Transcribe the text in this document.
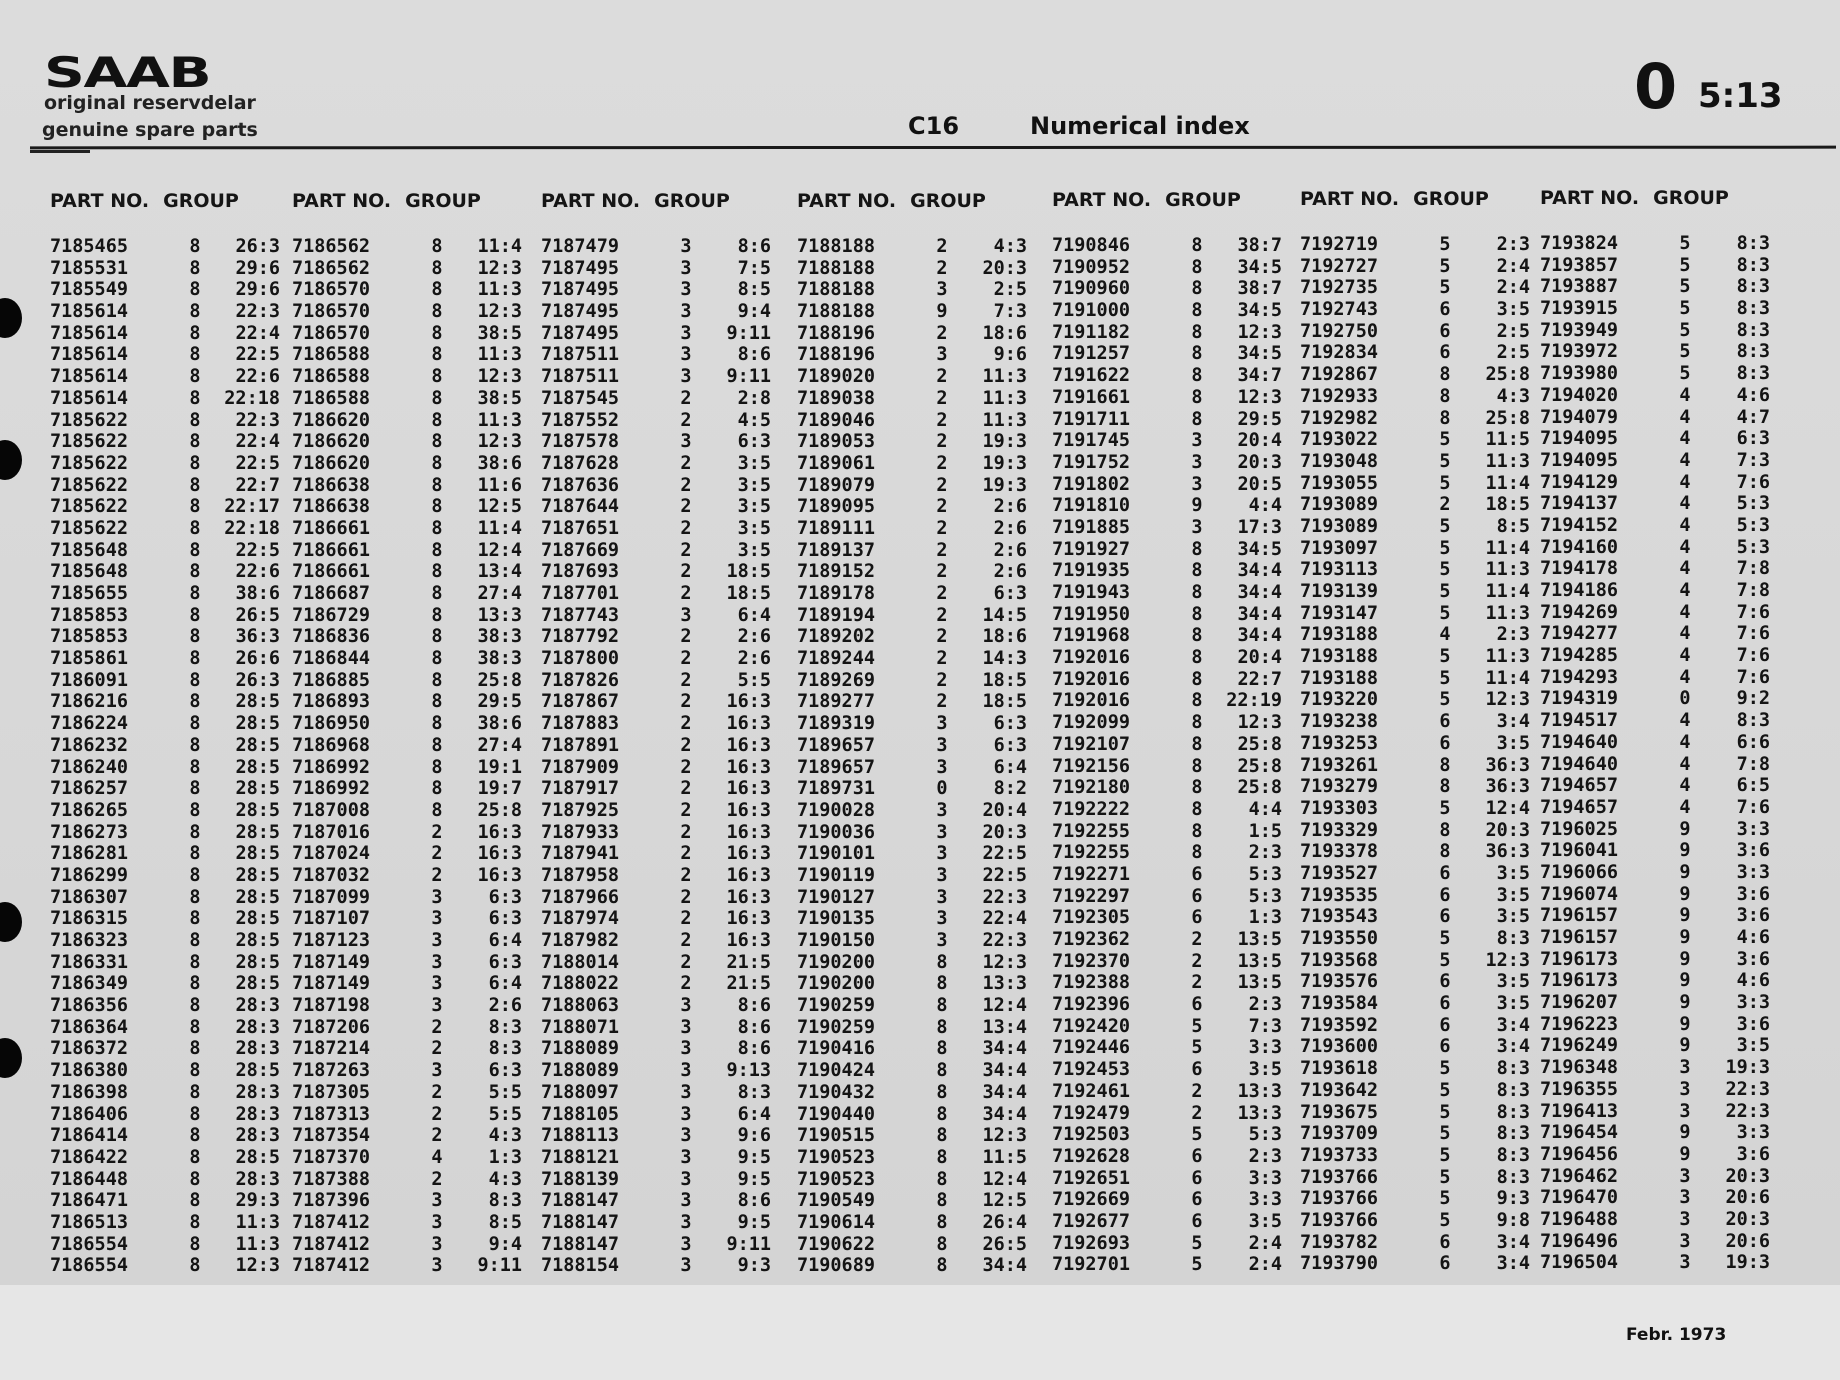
SAAB
original reservdelar
genuine spare parts	C16	Numerical index
0 5:13
PART NO. GROUP
7185465	8 26:3
7185531	8 29:6
7185549	8 29:6
7185614	8 22:3
7185614	8 22:4
7185614	8 22:5
7185614	8 22:6
7185614	8 22:18
7185622	8 22:3
7185622	8 22:4
7185622	8 22:5
7185622	8 22:7
7185622	8 22:17
7185622	8 22:18
7185648	8 22:5
7185648	8 22:6
7185655	8 38:6
7185853	8 26:5
7185853	8 36:3
7185861	8 26:6
7186091	8 26:3
7186216	8 28:5
7186224	8 28:5
7186232	8 28:5
7186240	8 28:5
7186257	8 28:5
7186265	8 28:5
7186273	8 28:5
7186281	8 28:5
7186299	8 28:5
7186307	8 28:5
7186315	8 28:5
7186323	8 28:5
7186331	8 28:5
7186349	8 28:5
7186356	8 28:3
7186364	8 28:3
7186372	8 28:3
7186380	8 28:5
7186398	8 28:3
7186406	8 28:3
7186414	8 28:3
7186422	8 28:5
7186448	8 28:3
7186471	8 29:3
7186513	8 11:3
7186554	8 11:3
7186554	8 12:3
PART NO. GROUP
7186562	8 11:4
7186562	8 12:3
7186570	8 11:3
7186570	8 12:3
7186570	8 38:5
7186588	8 11:3
7186588	8 12:3
7186588	8 38:5
7186620	8 11:3
7186620	8 12:3
7186620	8 38:6
7186638	8 11:6
7186638	8 12:5
7186661	8 11:4
7186661	8 12:4
7186661	8 13:4
7186687	8 27:4
7186729	8 13:3
7186836	8 38:3
7186844	8 38:3
7186885	8 25:8
7186893	8 29:5
7186950	8 38:6
7186968	8 27:4
7186992	8 19:1
7186992	8 19:7
7187008	8 25:8
7187016	2 16:3
7187024	2 16:3
7187032	2 16:3
7187099	3 6:3
7187107	3 6:3
7187123	3 6:4
7187149	3 6:3
7187149	3 6:4
7187198	3 2:6
7187206	2 8:3
7187214	2 8:3
7187263	3 6:3
7187305	2 5:5
7187313	2 5:5
7187354	2 4:3
7187370	4 1:3
7187388	2 4:3
7187396	3 8:3
7187412	3 8:5
7187412	3 9:4
7187412	3 9:11
PART NO. GROUP
7187479	3 8:6
7187495	3 7:5
7187495	3 8:5
7187495	3 9:4
7187495	3 9:11
7187511	3 8:6
7187511	3 9:11
7187545	2 2:8
7187552	2 4:5
7187578	3 6:3
7187628	2 3:5
7187636	2 3:5
7187644	2 3:5
7187651	2 3:5
7187669	2 3:5
7187693	2 18:5
7187701	2 18:5
7187743	3 6:4
7187792	2 2:6
7187800	2 2:6
7187826	2 5:5
7187867	2 16:3
7187883	2 16:3
7187891	2 16:3
7187909	2 16:3
7187917	2 16:3
7187925	2 16:3
7187933	2 16:3
7187941	2 16:3
7187958	2 16:3
7187966	2 16:3
7187974	2 16:3
7187982	2 16:3
7188014	2 21:5
7188022	2 21:5
7188063	3 8:6
7188071	3 8:6
7188089	3 8:6
7188089	3 9:13
7188097	3 8:3
7188105	3 6:4
7188113	3 9:6
7188121	3 9:5
7188139	3 9:5
7188147	3 8:6
7188147	3 9:5
7188147	3 9:11
7188154	3 9:3
PART NO. GROUP
7188188	2 4:3
7188188	2 20:3
7188188	3 2:5
7188188	9 7:3
7188196	2 18:6
7188196	3 9:6
7189020	2 11:3
7189038	2 11:3
7189046	2 11:3
7189053	2 19:3
7189061	2 19:3
7189079	2 19:3
7189095	2 2:6
7189111	2 2:6
7189137	2 2:6
7189152	2 2:6
7189178	2 6:3
7189194	2 14:5
7189202	2 18:6
7189244	2 14:3
7189269	2 18:5
7189277	2 18:5
7189319	3 6:3
7189657	3 6:3
7189657	3 6:4
7189731	0 8:2
7190028	3 20:4
7190036	3 20:3
7190101	3 22:5
7190119	3 22:5
7190127	3 22:3
7190135	3 22:4
7190150	3 22:3
7190200	8 12:3
7190200	8 13:3
7190259	8 12:4
7190259	8 13:4
7190416	8 34:4
7190424	8 34:4
7190432	8 34:4
7190440	8 34:4
7190515	8 12:3
7190523	8 11:5
7190523	8 12:4
7190549	8 12:5
7190614	8 26:4
7190622	8 26:5
7190689	8 34:4
PART NO. GROUP
7190846	8 38:7
7190952	8 34:5
7190960	8 38:7
7191000	8 34:5
7191182	8 12:3
7191257	8 34:5
7191622	8 34:7
7191661	8 12:3
7191711	8 29:5
7191745	3 20:4
7191752	3 20:3
7191802	3 20:5
7191810	9 4:4
7191885	3 17:3
7191927	8 34:5
7191935	8 34:4
7191943	8 34:4
7191950	8 34:4
7191968	8 34:4
7192016	8 20:4
7192016	8 22:7
7192016	8 22:19
7192099	8 12:3
7192107	8 25:8
7192156	8 25:8
7192180	8 25:8
7192222	8 4:4
7192255	8 1:5
7192255	8 2:3
7192271	6 5:3
7192297	6 5:3
7192305	6 1:3
7192362	2 13:5
7192370	2 13:5
7192388	2 13:5
7192396	6 2:3
7192420	5 7:3
7192446	5 3:3
7192453	6 3:5
7192461	2 13:3
7192479	2 13:3
7192503	5 5:3
7192628	6 2:3
7192651	6 3:3
7192669	6 3:3
7192677	6 3:5
7192693	5 2:4
7192701	5 2:4
PART NO. GROUP
7192719	5 2:3
7192727	5 2:4
7192735	5 2:4
7192743	6 3:5
7192750	6 2:5
7192834	6 2:5
7192867	8 25:8
7192933	8 4:3
7192982	8 25:8
7193022	5 11:5
7193048	5 11:3
7193055	5 11:4
7193089	2 18:5
7193089	5 8:5
7193097	5 11:4
7193113	5 11:3
7193139	5 11:4
7193147	5 11:3
7193188	4 2:3
7193188	5 11:3
7193188	5 11:4
7193220	5 12:3
7193238	6 3:4
7193253	6 3:5
7193261	8 36:3
7193279	8 36:3
7193303	5 12:4
7193329	8 20:3
7193378	8 36:3
7193527	6 3:5
7193535	6 3:5
7193543	6 3:5
7193550	5 8:3
7193568	5 12:3
7193576	6 3:5
7193584	6 3:5
7193592	6 3:4
7193600	6 3:4
7193618	5 8:3
7193642	5 8:3
7193675	5 8:3
7193709	5 8:3
7193733	5 8:3
7193766	5 8:3
7193766	5 9:3
7193766	5 9:8
7193782	6 3:4
7193790	6 3:4
PART NO. GROUP
7193824	5 8:3
7193857	5 8:3
7193887	5 8:3
7193915	5 8:3
7193949	5 8:3
7193972	5 8:3
7193980	5 8:3
7194020	4 4:6
7194079	4 4:7
7194095	4 6:3
7194095	4 7:3
7194129	4 7:6
7194137	4 5:3
7194152	4 5:3
7194160	4 5:3
7194178	4 7:8
7194186	4 7:8
7194269	4 7:6
7194277	4 7:6
7194285	4 7:6
7194293	4 7:6
7194319	0 9:2
7194517	4 8:3
7194640	4 6:6
7194640	4 7:8
7194657	4 6:5
7194657	4 7:6
7196025	9 3:3
7196041	9 3:6
7196066	9 3:3
7196074	9 3:6
7196157	9 3:6
7196157	9 4:6
7196173	9 3:6
7196173	9 4:6
7196207	9 3:3
7196223	9 3:6
7196249	9 3:5
7196348	3 19:3
7196355	3 22:3
7196413	3 22:3
7196454	9 3:3
7196456	9 3:6
7196462	3 20:3
7196470	3 20:6
7196488	3 20:3
7196496	3 20:6
7196504	3 19:3
Febr. 1973
